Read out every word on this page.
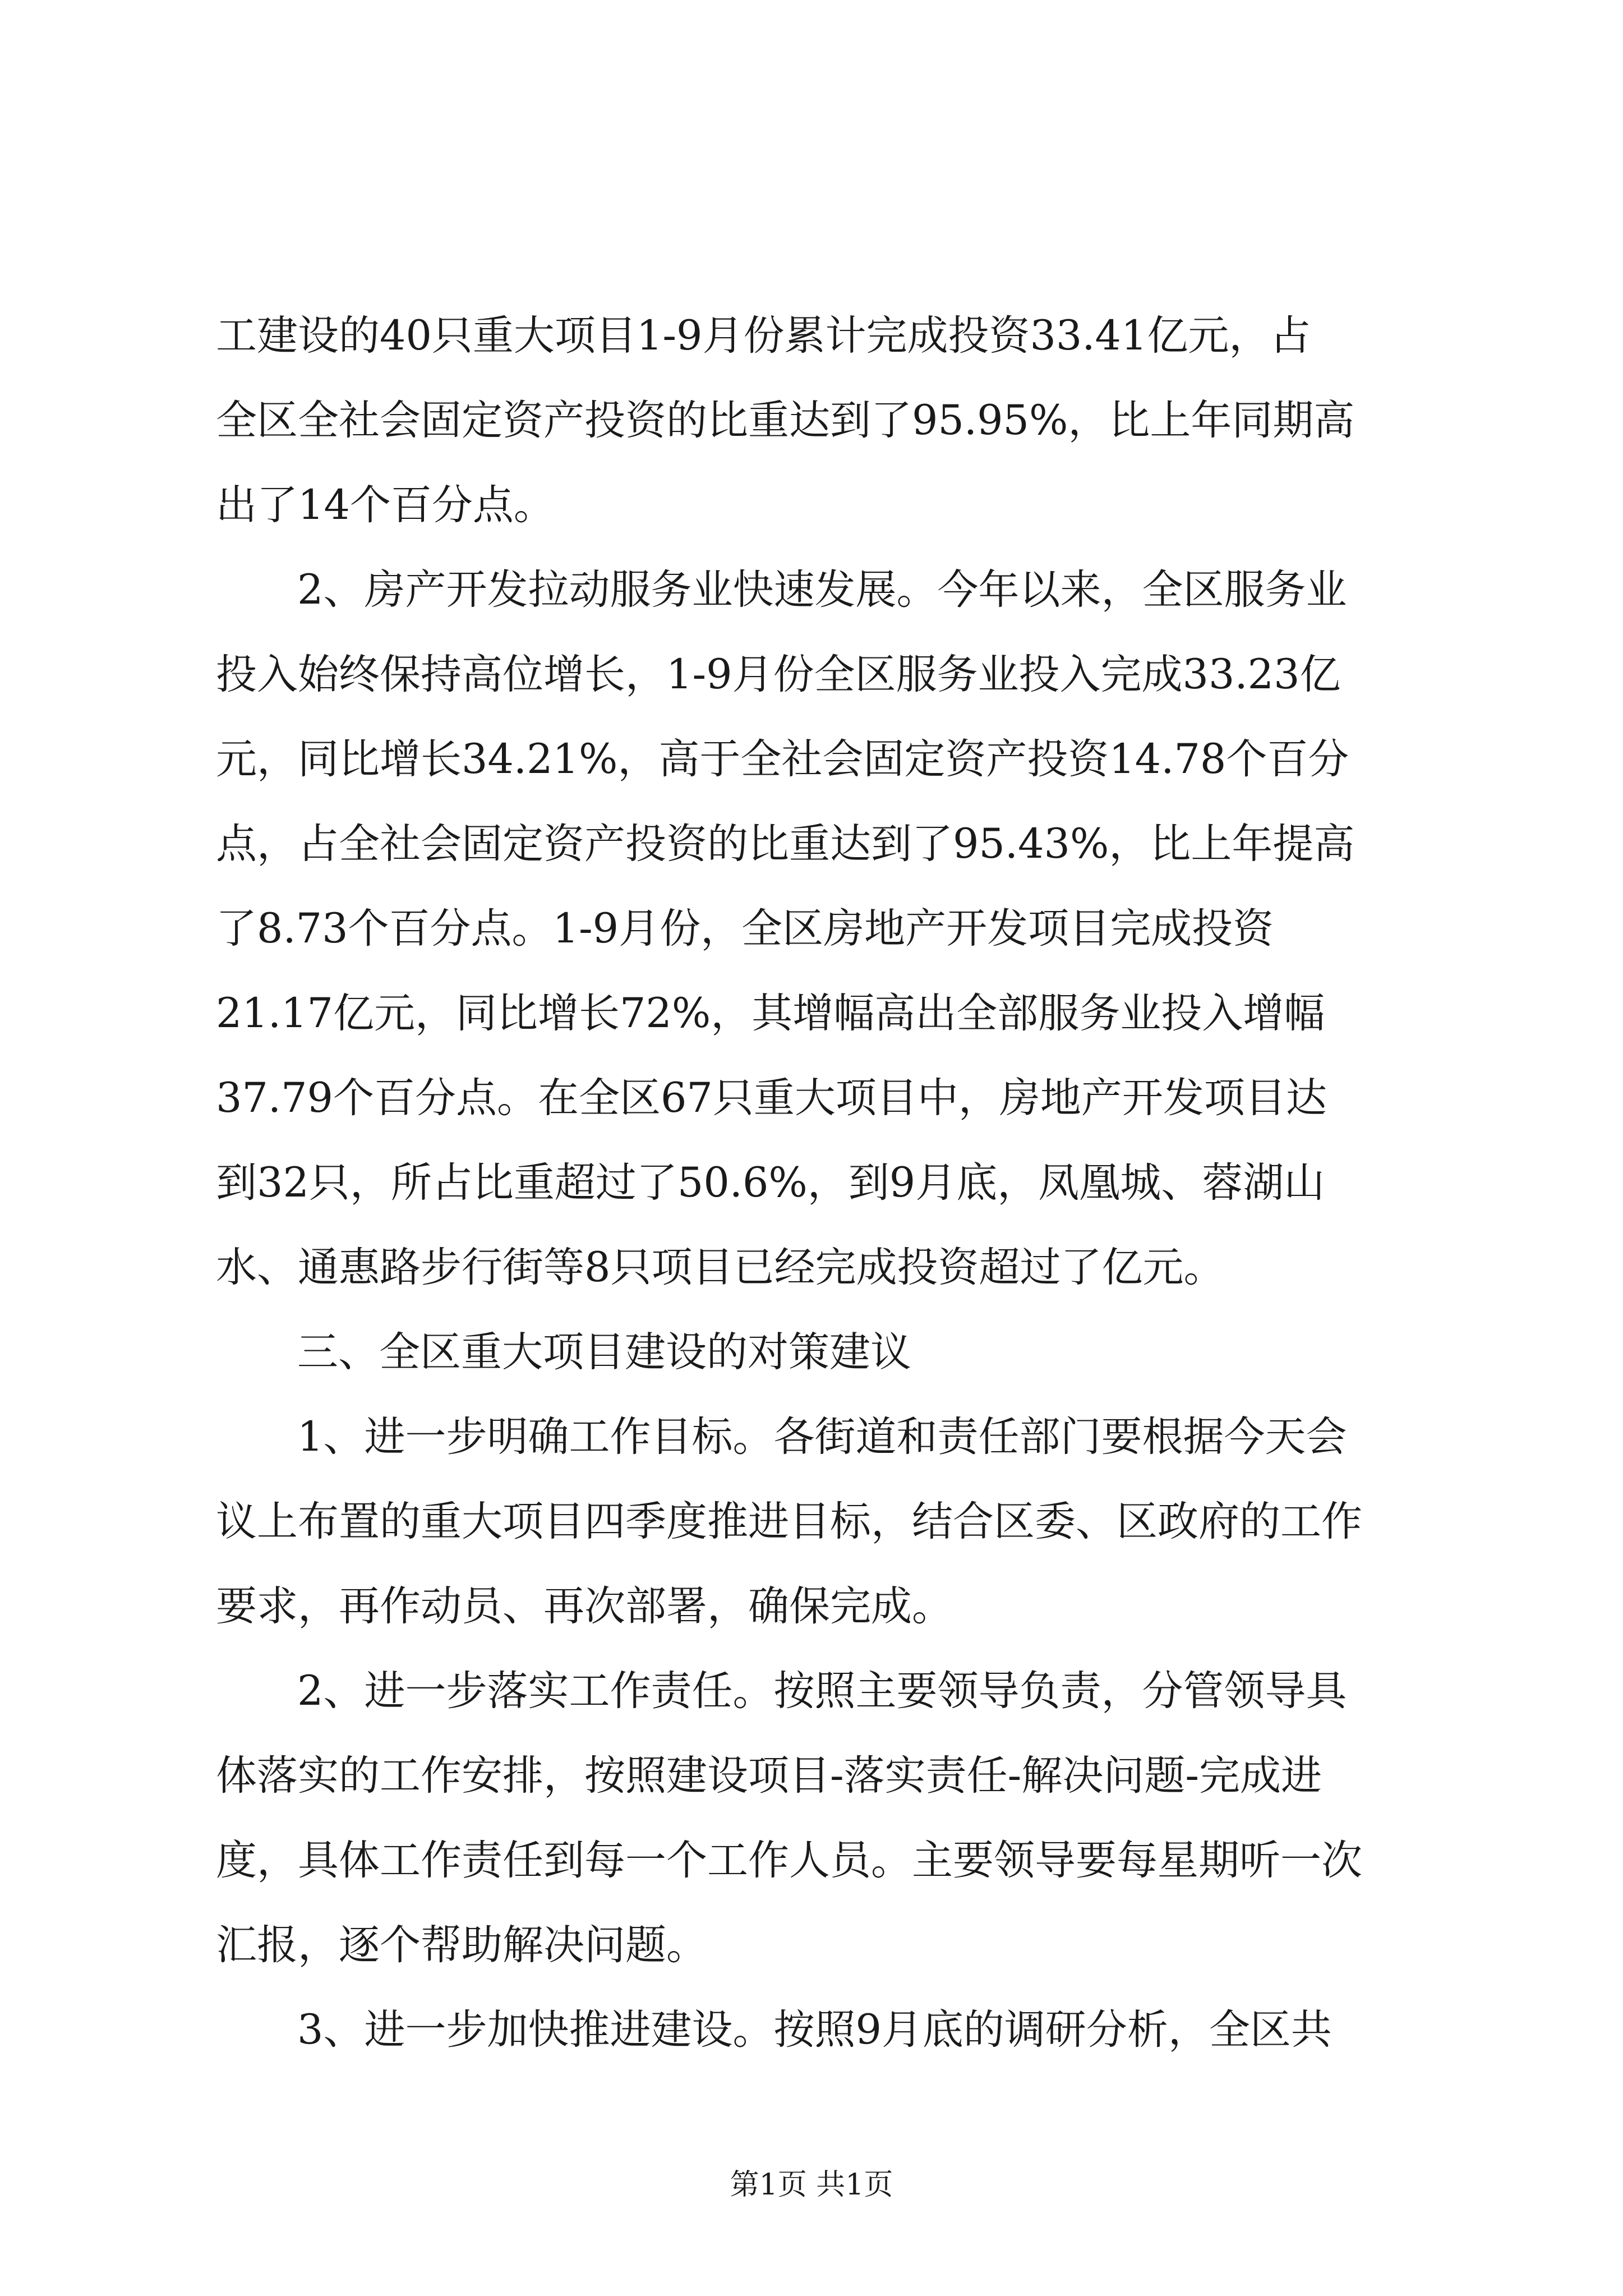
工建设的40只重大项目1-9月份累计完成投资33.41亿元，占
全区全社会固定资产投资的比重达到了95.95%，比上年同期高
出了14个百分点。
2、房产开发拉动服务业快速发展。今年以来，全区服务业
投入始终保持高位增长，1-9月份全区服务业投入完成33.23亿
元，同比增长34.21%，高于全社会固定资产投资14.78个百分
点，占全社会固定资产投资的比重达到了95.43%，比上年提高
了8.73个百分点。1-9月份，全区房地产开发项目完成投资
21.17亿元，同比增长72%，其增幅高出全部服务业投入增幅
37.79个百分点。在全区67只重大项目中，房地产开发项目达
到32只，所占比重超过了50.6%，到9月底，凤凰城、蓉湖山
水、通惠路步行街等8只项目已经完成投资超过了亿元。
三、全区重大项目建设的对策建议
1、进一步明确工作目标。各街道和责任部门要根据今天会
议上布置的重大项目四季度推进目标，结合区委、区政府的工作
要求，再作动员、再次部署，确保完成。
2、进一步落实工作责任。按照主要领导负责，分管领导具
体落实的工作安排，按照建设项目-落实责任-解决问题-完成进
度，具体工作责任到每一个工作人员。主要领导要每星期听一次
汇报，逐个帮助解决问题。
3、进一步加快推进建设。按照9月底的调研分析，全区共
第1页 共1页
